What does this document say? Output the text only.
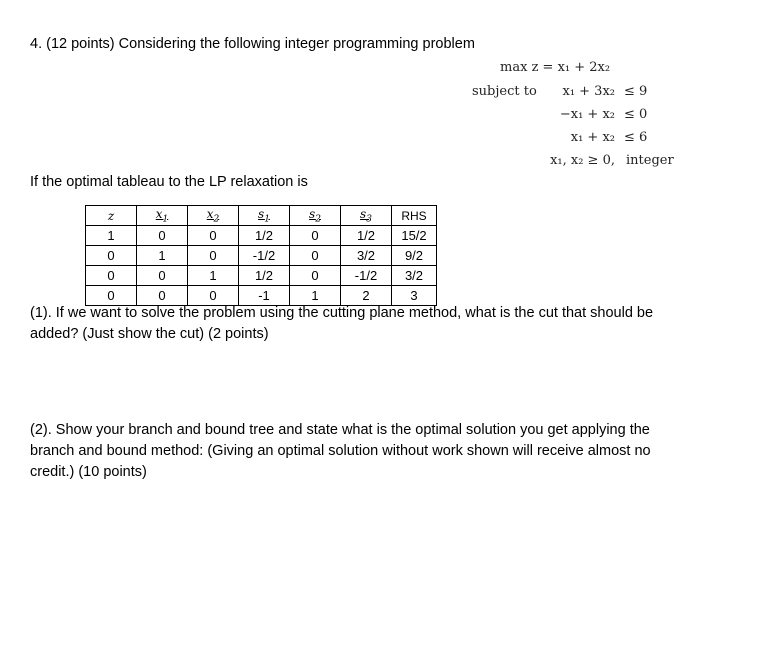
4. (12 points) Considering the following integer programming problem
max z = x₁ + 2x₂
subject to x₁ + 3x₂ ≤ 9
−x₁ + x₂ ≤ 0
x₁ + x₂ ≤ 6
x₁, x₂ ≥ 0, integer
If the optimal tableau to the LP relaxation is
z	$x_1$	$x_2$	$s_1$	$s_2$	$s_3$	RHS
1	0	0	1/2	0	1/2	15/2
0	1	0	-1/2	0	3/2	9/2
0	0	1	1/2	0	-1/2	3/2
0	0	0	-1	1	2	3
(1). If we want to solve the problem using the cutting plane method, what is the cut that should be added? (Just show the cut) (2 points)
(2). Show your branch and bound tree and state what is the optimal solution you get applying the branch and bound method: (Giving an optimal solution without work shown will receive almost no credit.) (10 points)
